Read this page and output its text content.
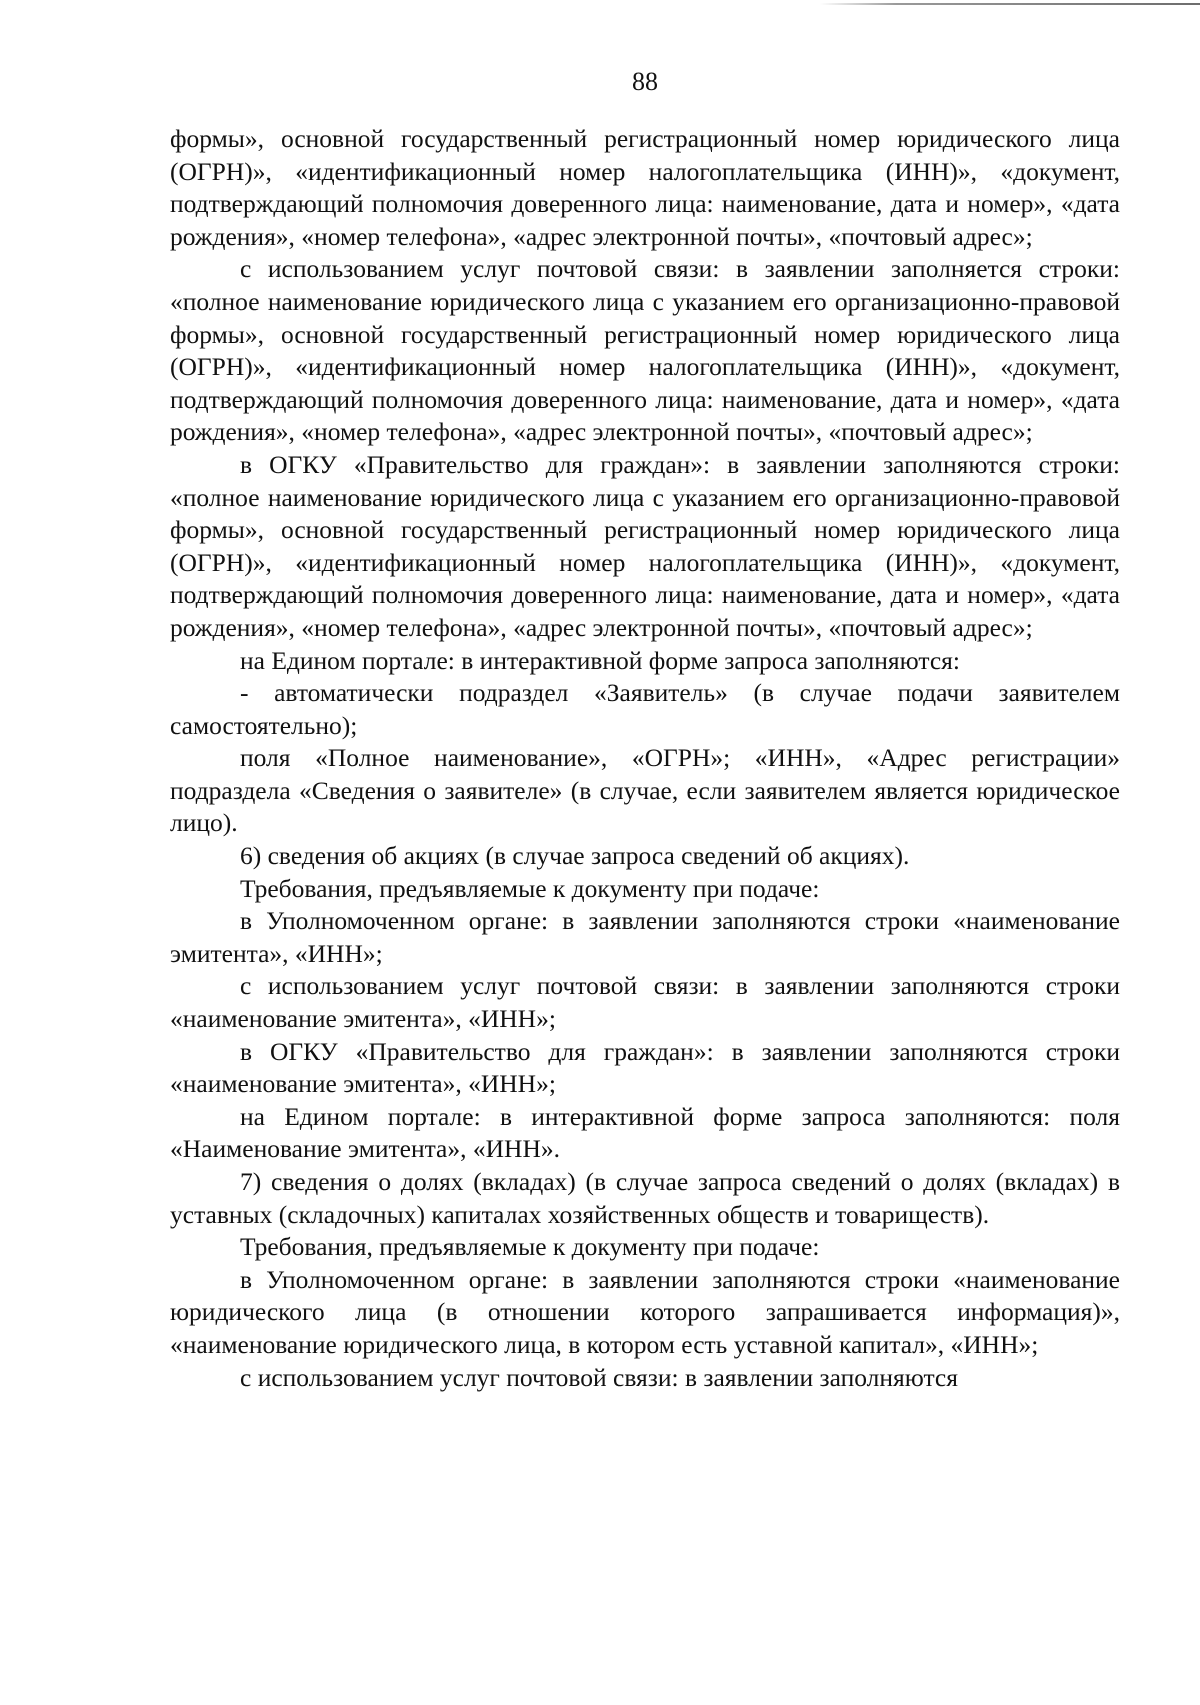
88

формы», основной государственный регистрационный номер юридического лица (ОГРН)», «идентификационный номер налогоплательщика (ИНН)», «документ, подтверждающий полномочия доверенного лица: наименование, дата и номер», «дата рождения», «номер телефона», «адрес электронной почты», «почтовый адрес»;

с использованием услуг почтовой связи: в заявлении заполняется строки: «полное наименование юридического лица с указанием его организационно-правовой формы», основной государственный регистрационный номер юридического лица (ОГРН)», «идентификационный номер налогоплательщика (ИНН)», «документ, подтверждающий полномочия доверенного лица: наименование, дата и номер», «дата рождения», «номер телефона», «адрес электронной почты», «почтовый адрес»;

в ОГКУ «Правительство для граждан»: в заявлении заполняются строки: «полное наименование юридического лица с указанием его организационно-правовой формы», основной государственный регистрационный номер юридического лица (ОГРН)», «идентификационный номер налогоплательщика (ИНН)», «документ, подтверждающий полномочия доверенного лица: наименование, дата и номер», «дата рождения», «номер телефона», «адрес электронной почты», «почтовый адрес»;

на Едином портале: в интерактивной форме запроса заполняются:

- автоматически подраздел «Заявитель» (в случае подачи заявителем самостоятельно);

поля «Полное наименование», «ОГРН»; «ИНН», «Адрес регистрации» подраздела «Сведения о заявителе» (в случае, если заявителем является юридическое лицо).

6) сведения об акциях (в случае запроса сведений об акциях).

Требования, предъявляемые к документу при подаче:

в Уполномоченном органе: в заявлении заполняются строки «наименование эмитента», «ИНН»;

с использованием услуг почтовой связи: в заявлении заполняются строки «наименование эмитента», «ИНН»;

в ОГКУ «Правительство для граждан»: в заявлении заполняются строки «наименование эмитента», «ИНН»;

на Едином портале: в интерактивной форме запроса заполняются: поля «Наименование эмитента», «ИНН».

7) сведения о долях (вкладах) (в случае запроса сведений о долях (вкладах) в уставных (складочных) капиталах хозяйственных обществ и товариществ).

Требования, предъявляемые к документу при подаче:

в Уполномоченном органе: в заявлении заполняются строки «наименование юридического лица (в отношении которого запрашивается информация)», «наименование юридического лица, в котором есть уставной капитал», «ИНН»;

с использованием услуг почтовой связи: в заявлении заполняются
